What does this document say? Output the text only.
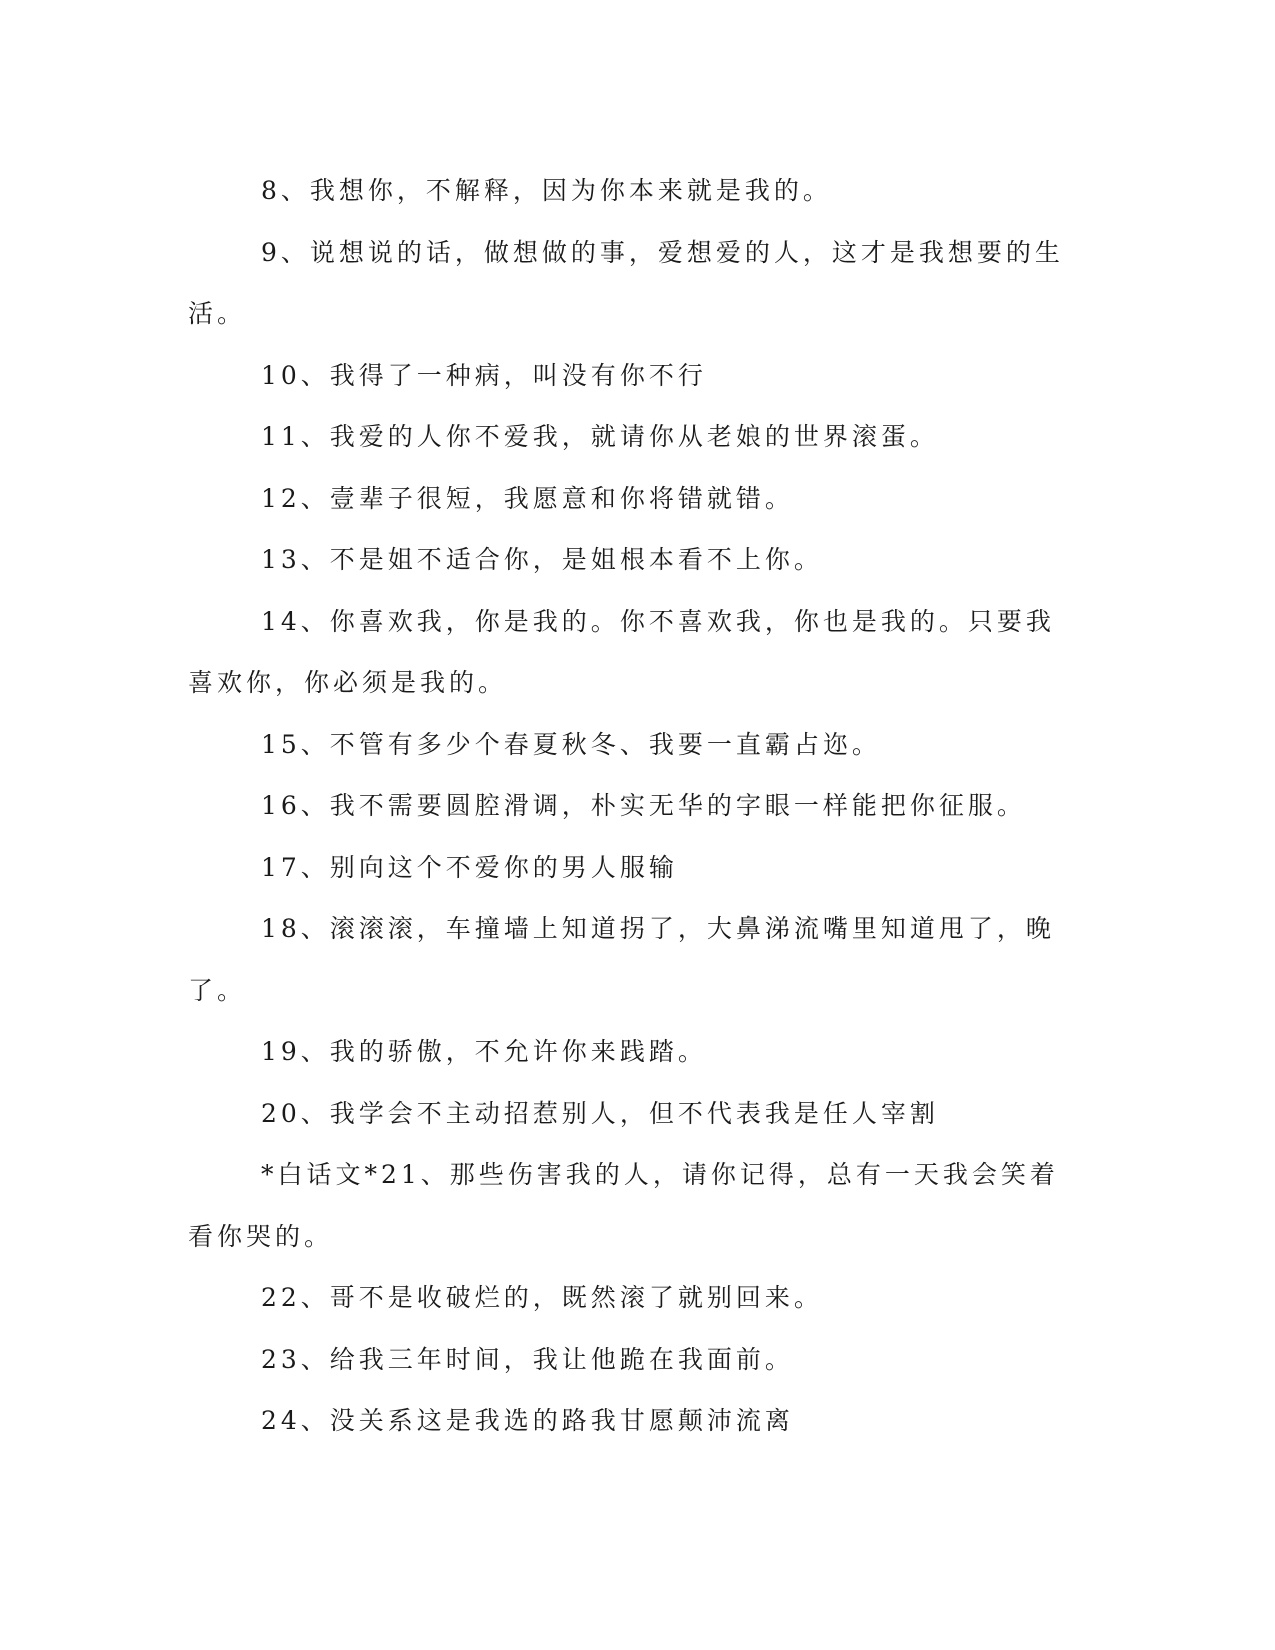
8、我想你，不解释，因为你本来就是我的。

9、说想说的话，做想做的事，爱想爱的人，这才是我想要的生活。

10、我得了一种病，叫没有你不行

11、我爱的人你不爱我，就请你从老娘的世界滚蛋。

12、壹辈子很短，我愿意和你将错就错。

13、不是姐不适合你，是姐根本看不上你。

14、你喜欢我，你是我的。你不喜欢我，你也是我的。只要我喜欢你，你必须是我的。

15、不管有多少个春夏秋冬、我要一直霸占迩。

16、我不需要圆腔滑调，朴实无华的字眼一样能把你征服。

17、别向这个不爱你的男人服输

18、滚滚滚，车撞墙上知道拐了，大鼻涕流嘴里知道甩了，晚了。

19、我的骄傲，不允许你来践踏。

20、我学会不主动招惹别人，但不代表我是任人宰割

*白话文*21、那些伤害我的人，请你记得，总有一天我会笑着看你哭的。

22、哥不是收破烂的，既然滚了就别回来。

23、给我三年时间，我让他跪在我面前。

24、没关系这是我选的路我甘愿颠沛流离
